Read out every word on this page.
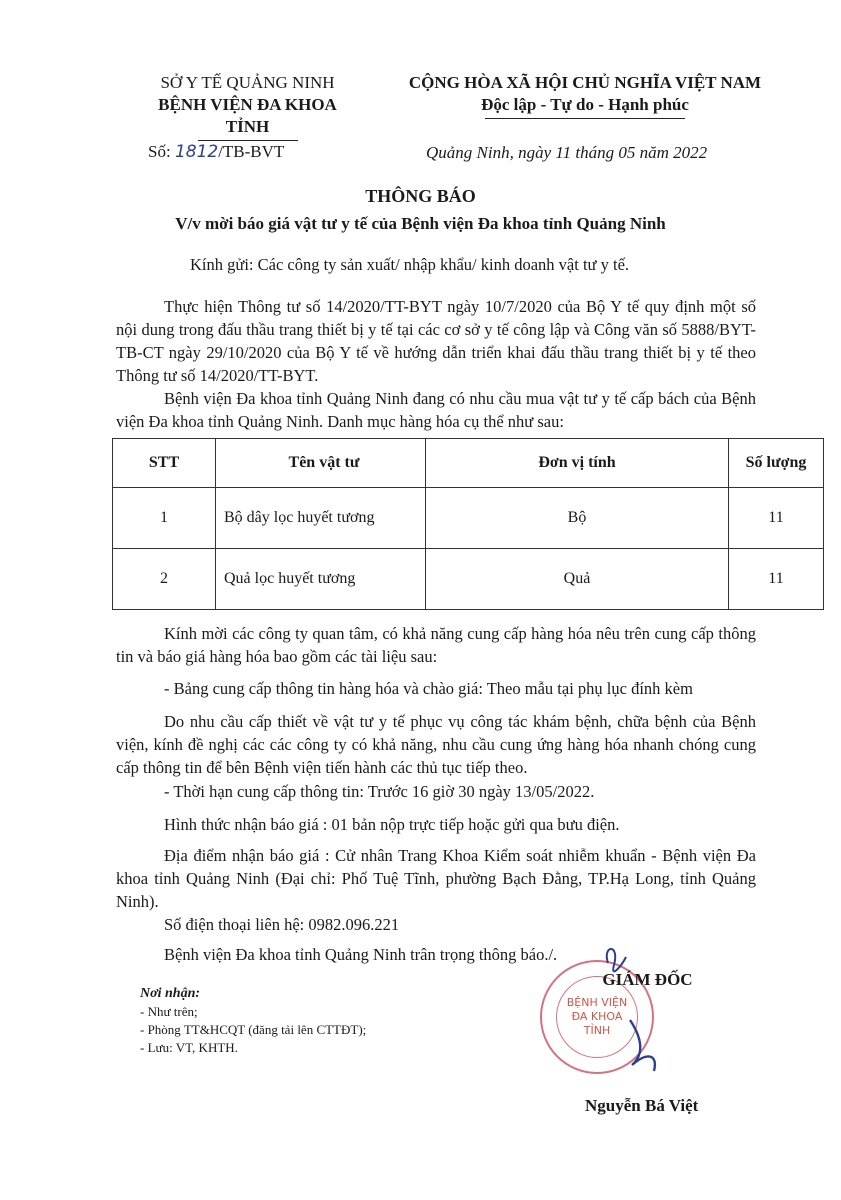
SỞ Y TẾ QUẢNG NINH
BỆNH VIỆN ĐA KHOA TỈNH
CỘNG HÒA XÃ HỘI CHỦ NGHĨA VIỆT NAM
Độc lập - Tự do - Hạnh phúc
Số: 1812/TB-BVT	Quảng Ninh, ngày 11 tháng 05 năm 2022
THÔNG BÁO
V/v mời báo giá vật tư y tế của Bệnh viện Đa khoa tỉnh Quảng Ninh
Kính gửi: Các công ty sản xuất/ nhập khẩu/ kinh doanh vật tư y tế.
Thực hiện Thông tư số 14/2020/TT-BYT ngày 10/7/2020 của Bộ Y tế quy định một số nội dung trong đấu thầu trang thiết bị y tế tại các cơ sở y tế công lập và Công văn số 5888/BYT-TB-CT ngày 29/10/2020 của Bộ Y tế về hướng dẫn triển khai đấu thầu trang thiết bị y tế theo Thông tư số 14/2020/TT-BYT.
Bệnh viện Đa khoa tỉnh Quảng Ninh đang có nhu cầu mua vật tư y tế cấp bách của Bệnh viện Đa khoa tỉnh Quảng Ninh. Danh mục hàng hóa cụ thể như sau:
STT	Tên vật tư	Đơn vị tính	Số lượng
1	Bộ dây lọc huyết tương	Bộ	11
2	Quả lọc huyết tương	Quả	11
Kính mời các công ty quan tâm, có khả năng cung cấp hàng hóa nêu trên cung cấp thông tin và báo giá hàng hóa bao gồm các tài liệu sau:
- Bảng cung cấp thông tin hàng hóa và chào giá: Theo mẫu tại phụ lục đính kèm
Do nhu cầu cấp thiết về vật tư y tế phục vụ công tác khám bệnh, chữa bệnh của Bệnh viện, kính đề nghị các các công ty có khả năng, nhu cầu cung ứng hàng hóa nhanh chóng cung cấp thông tin để bên Bệnh viện tiến hành các thủ tục tiếp theo.
- Thời hạn cung cấp thông tin: Trước 16 giờ 30 ngày 13/05/2022.
Hình thức nhận báo giá : 01 bản nộp trực tiếp hoặc gửi qua bưu điện.
Địa điểm nhận báo giá : Cử nhân Trang Khoa Kiểm soát nhiễm khuẩn - Bệnh viện Đa khoa tỉnh Quảng Ninh (Đại chỉ: Phố Tuệ Tĩnh, phường Bạch Đằng, TP.Hạ Long, tỉnh Quảng Ninh).
Số điện thoại liên hệ: 0982.096.221
Bệnh viện Đa khoa tỉnh Quảng Ninh trân trọng thông báo./.
Nơi nhận:
- Như trên;
- Phòng TT&HCQT (đăng tải lên CTTĐT);
- Lưu: VT, KHTH.
BỆNH VIỆN
ĐA KHOA TỈNH
GIÁM ĐỐC
Nguyễn Bá Việt
